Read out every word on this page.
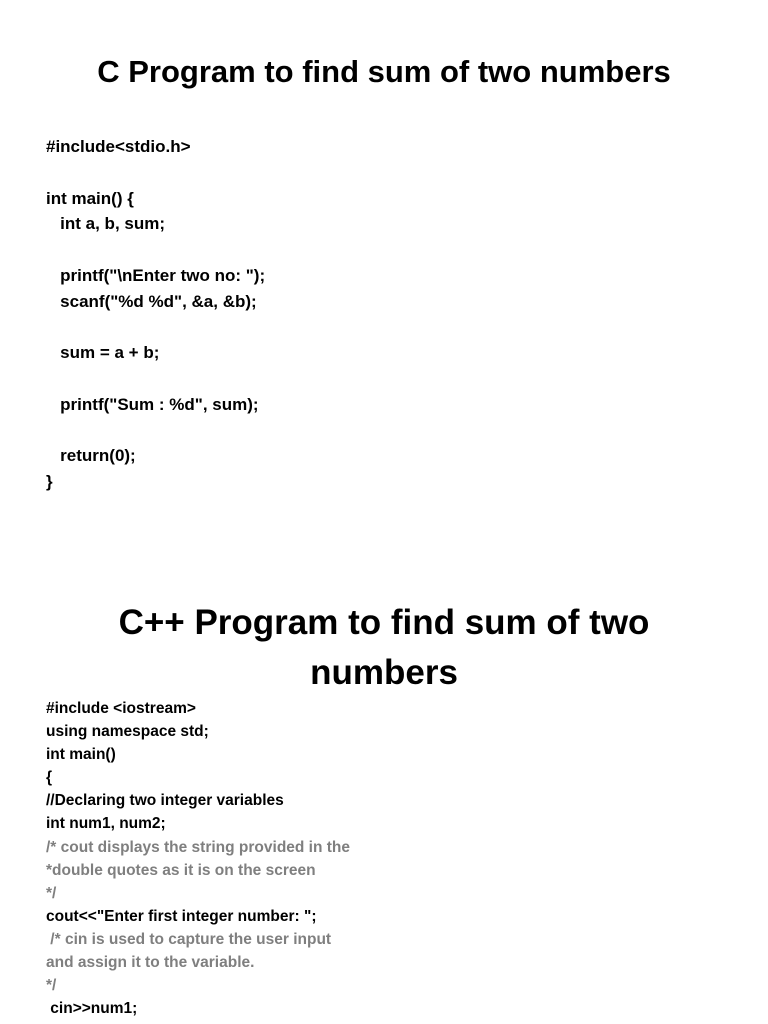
C Program to find sum of two numbers
#include<stdio.h>
int main() {
int a, b, sum;
printf("\nEnter two no: ");
scanf("%d %d", &a, &b);
sum = a + b;
printf("Sum : %d", sum);
return(0);
}
C++ Program to find sum of two numbers
#include <iostream>
using namespace std;
int main()
{
//Declaring two integer variables
int num1, num2;
/* cout displays the string provided in the
*double quotes as it is on the screen
*/
cout<<"Enter first integer number: ";
/* cin is used to capture the user input
and assign it to the variable.
*/
cin>>num1;
